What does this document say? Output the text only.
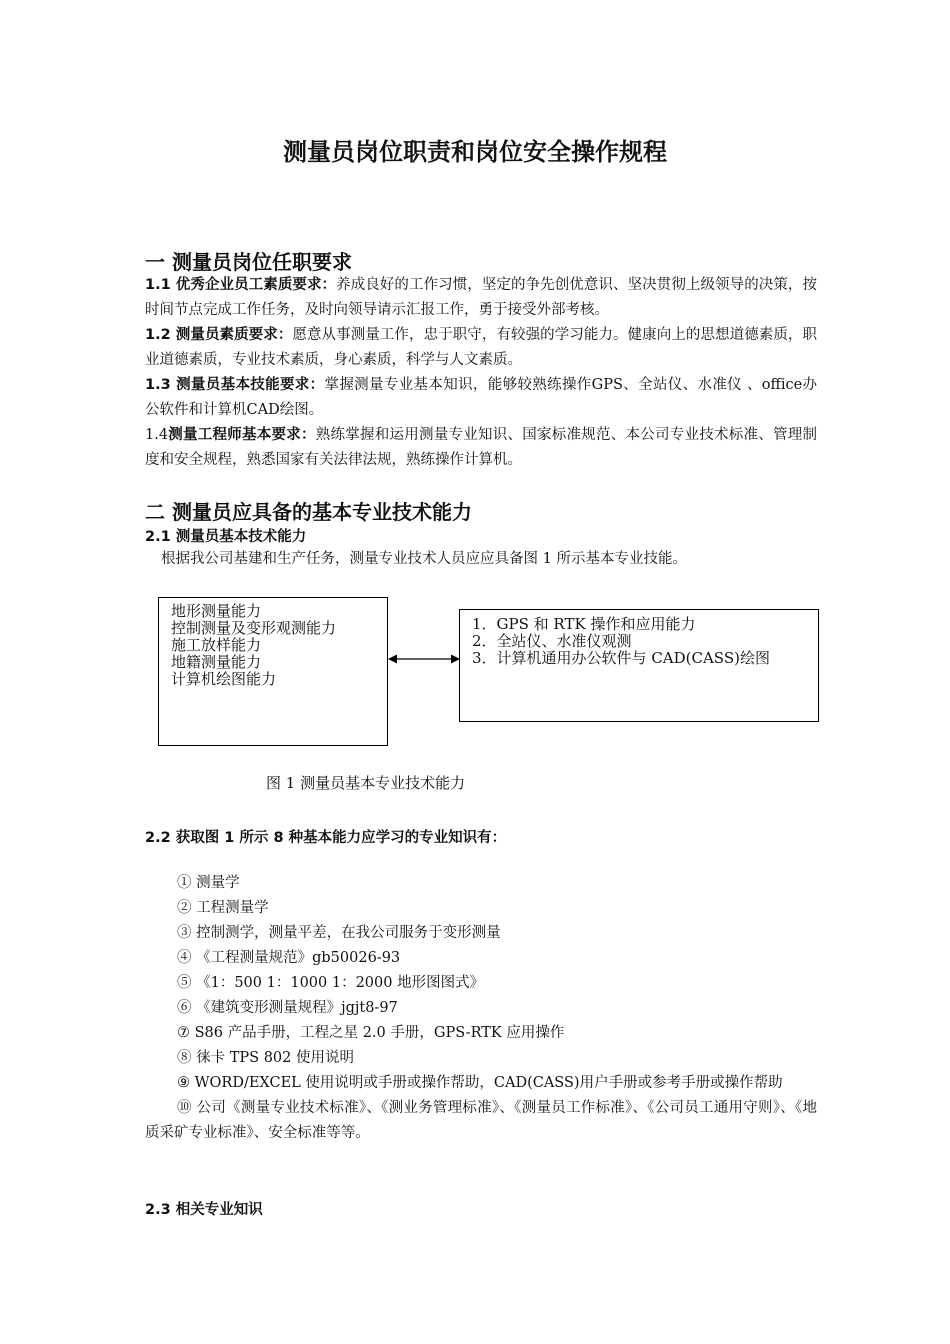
测量员岗位职责和岗位安全操作规程
一 测量员岗位任职要求
1.1 优秀企业员工素质要求：养成良好的工作习惯，坚定的争先创优意识、坚决贯彻上级领导的决策，按时间节点完成工作任务，及时向领导请示汇报工作，勇于接受外部考核。
1.2 测量员素质要求：愿意从事测量工作，忠于职守，有较强的学习能力。健康向上的思想道德素质，职业道德素质，专业技术素质，身心素质，科学与人文素质。
1.3 测量员基本技能要求：掌握测量专业基本知识，能够较熟练操作GPS、全站仪、水准仪 、office办公软件和计算机CAD绘图。
1.4测量工程师基本要求：熟练掌握和运用测量专业知识、国家标准规范、本公司专业技术标准、管理制度和安全规程，熟悉国家有关法律法规，熟练操作计算机。
二 测量员应具备的基本专业技术能力
2.1 测量员基本技术能力
根据我公司基建和生产任务，测量专业技术人员应应具备图 1 所示基本专业技能。
地形测量能力
控制测量及变形观测能力
施工放样能力
地籍测量能力
计算机绘图能力
1．GPS 和 RTK 操作和应用能力
2．全站仪、水准仪观测
3．计算机通用办公软件与 CAD(CASS)绘图
图 1 测量员基本专业技术能力
2.2 获取图 1 所示 8 种基本能力应学习的专业知识有：
① 测量学
② 工程测量学
③ 控制测学，测量平差，在我公司服务于变形测量
④ 《工程测量规范》gb50026-93
⑤ 《1：500 1：1000 1：2000 地形图图式》
⑥ 《建筑变形测量规程》jgjt8-97
⑦ S86 产品手册，工程之星 2.0 手册，GPS-RTK 应用操作
⑧ 徕卡 TPS 802 使用说明
⑨ WORD/EXCEL 使用说明或手册或操作帮助，CAD(CASS)用户手册或参考手册或操作帮助
⑩ 公司《测量专业技术标准》、《测业务管理标准》、《测量员工作标准》、《公司员工通用守则》、《地质采矿专业标准》、安全标准等等。
2.3 相关专业知识
